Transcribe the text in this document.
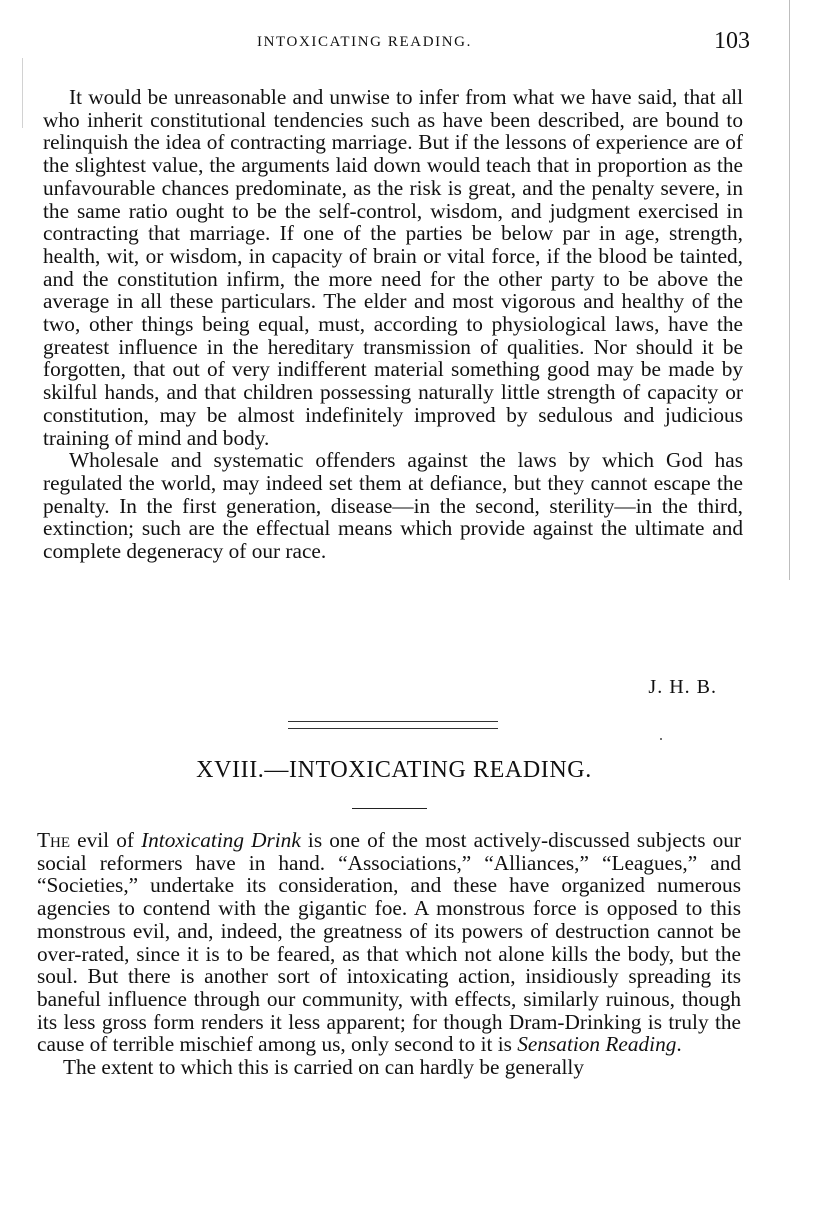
INTOXICATING READING.	103

It would be unreasonable and unwise to infer from what we have said, that all who inherit constitutional tendencies such as have been described, are bound to relinquish the idea of contracting marriage. But if the lessons of experience are of the slightest value, the arguments laid down would teach that in proportion as the unfavourable chances predominate, as the risk is great, and the penalty severe, in the same ratio ought to be the self-control, wisdom, and judgment exercised in contracting that marriage. If one of the parties be below par in age, strength, health, wit, or wisdom, in capacity of brain or vital force, if the blood be tainted, and the constitution infirm, the more need for the other party to be above the average in all these particulars. The elder and most vigorous and healthy of the two, other things being equal, must, according to physiological laws, have the greatest influence in the hereditary transmission of qualities. Nor should it be forgotten, that out of very indifferent material something good may be made by skilful hands, and that children possessing naturally little strength of capacity or constitution, may be almost indefinitely improved by sedulous and judicious training of mind and body.

Wholesale and systematic offenders against the laws by which God has regulated the world, may indeed set them at defiance, but they cannot escape the penalty. In the first generation, disease—in the second, sterility—in the third, extinction; such are the effectual means which provide against the ultimate and complete degeneracy of our race.

J. H. B.
XVIII.—INTOXICATING READING.

The evil of Intoxicating Drink is one of the most actively-discussed subjects our social reformers have in hand. “Associations,” “Alliances,” “Leagues,” and “Societies,” undertake its consideration, and these have organized numerous agencies to contend with the gigantic foe. A monstrous force is opposed to this monstrous evil, and, indeed, the greatness of its powers of destruction cannot be over-rated, since it is to be feared, as that which not alone kills the body, but the soul. But there is another sort of intoxicating action, insidiously spreading its baneful influence through our community, with effects, similarly ruinous, though its less gross form renders it less apparent; for though Dram-Drinking is truly the cause of terrible mischief among us, only second to it is Sensation Reading.

The extent to which this is carried on can hardly be generally
